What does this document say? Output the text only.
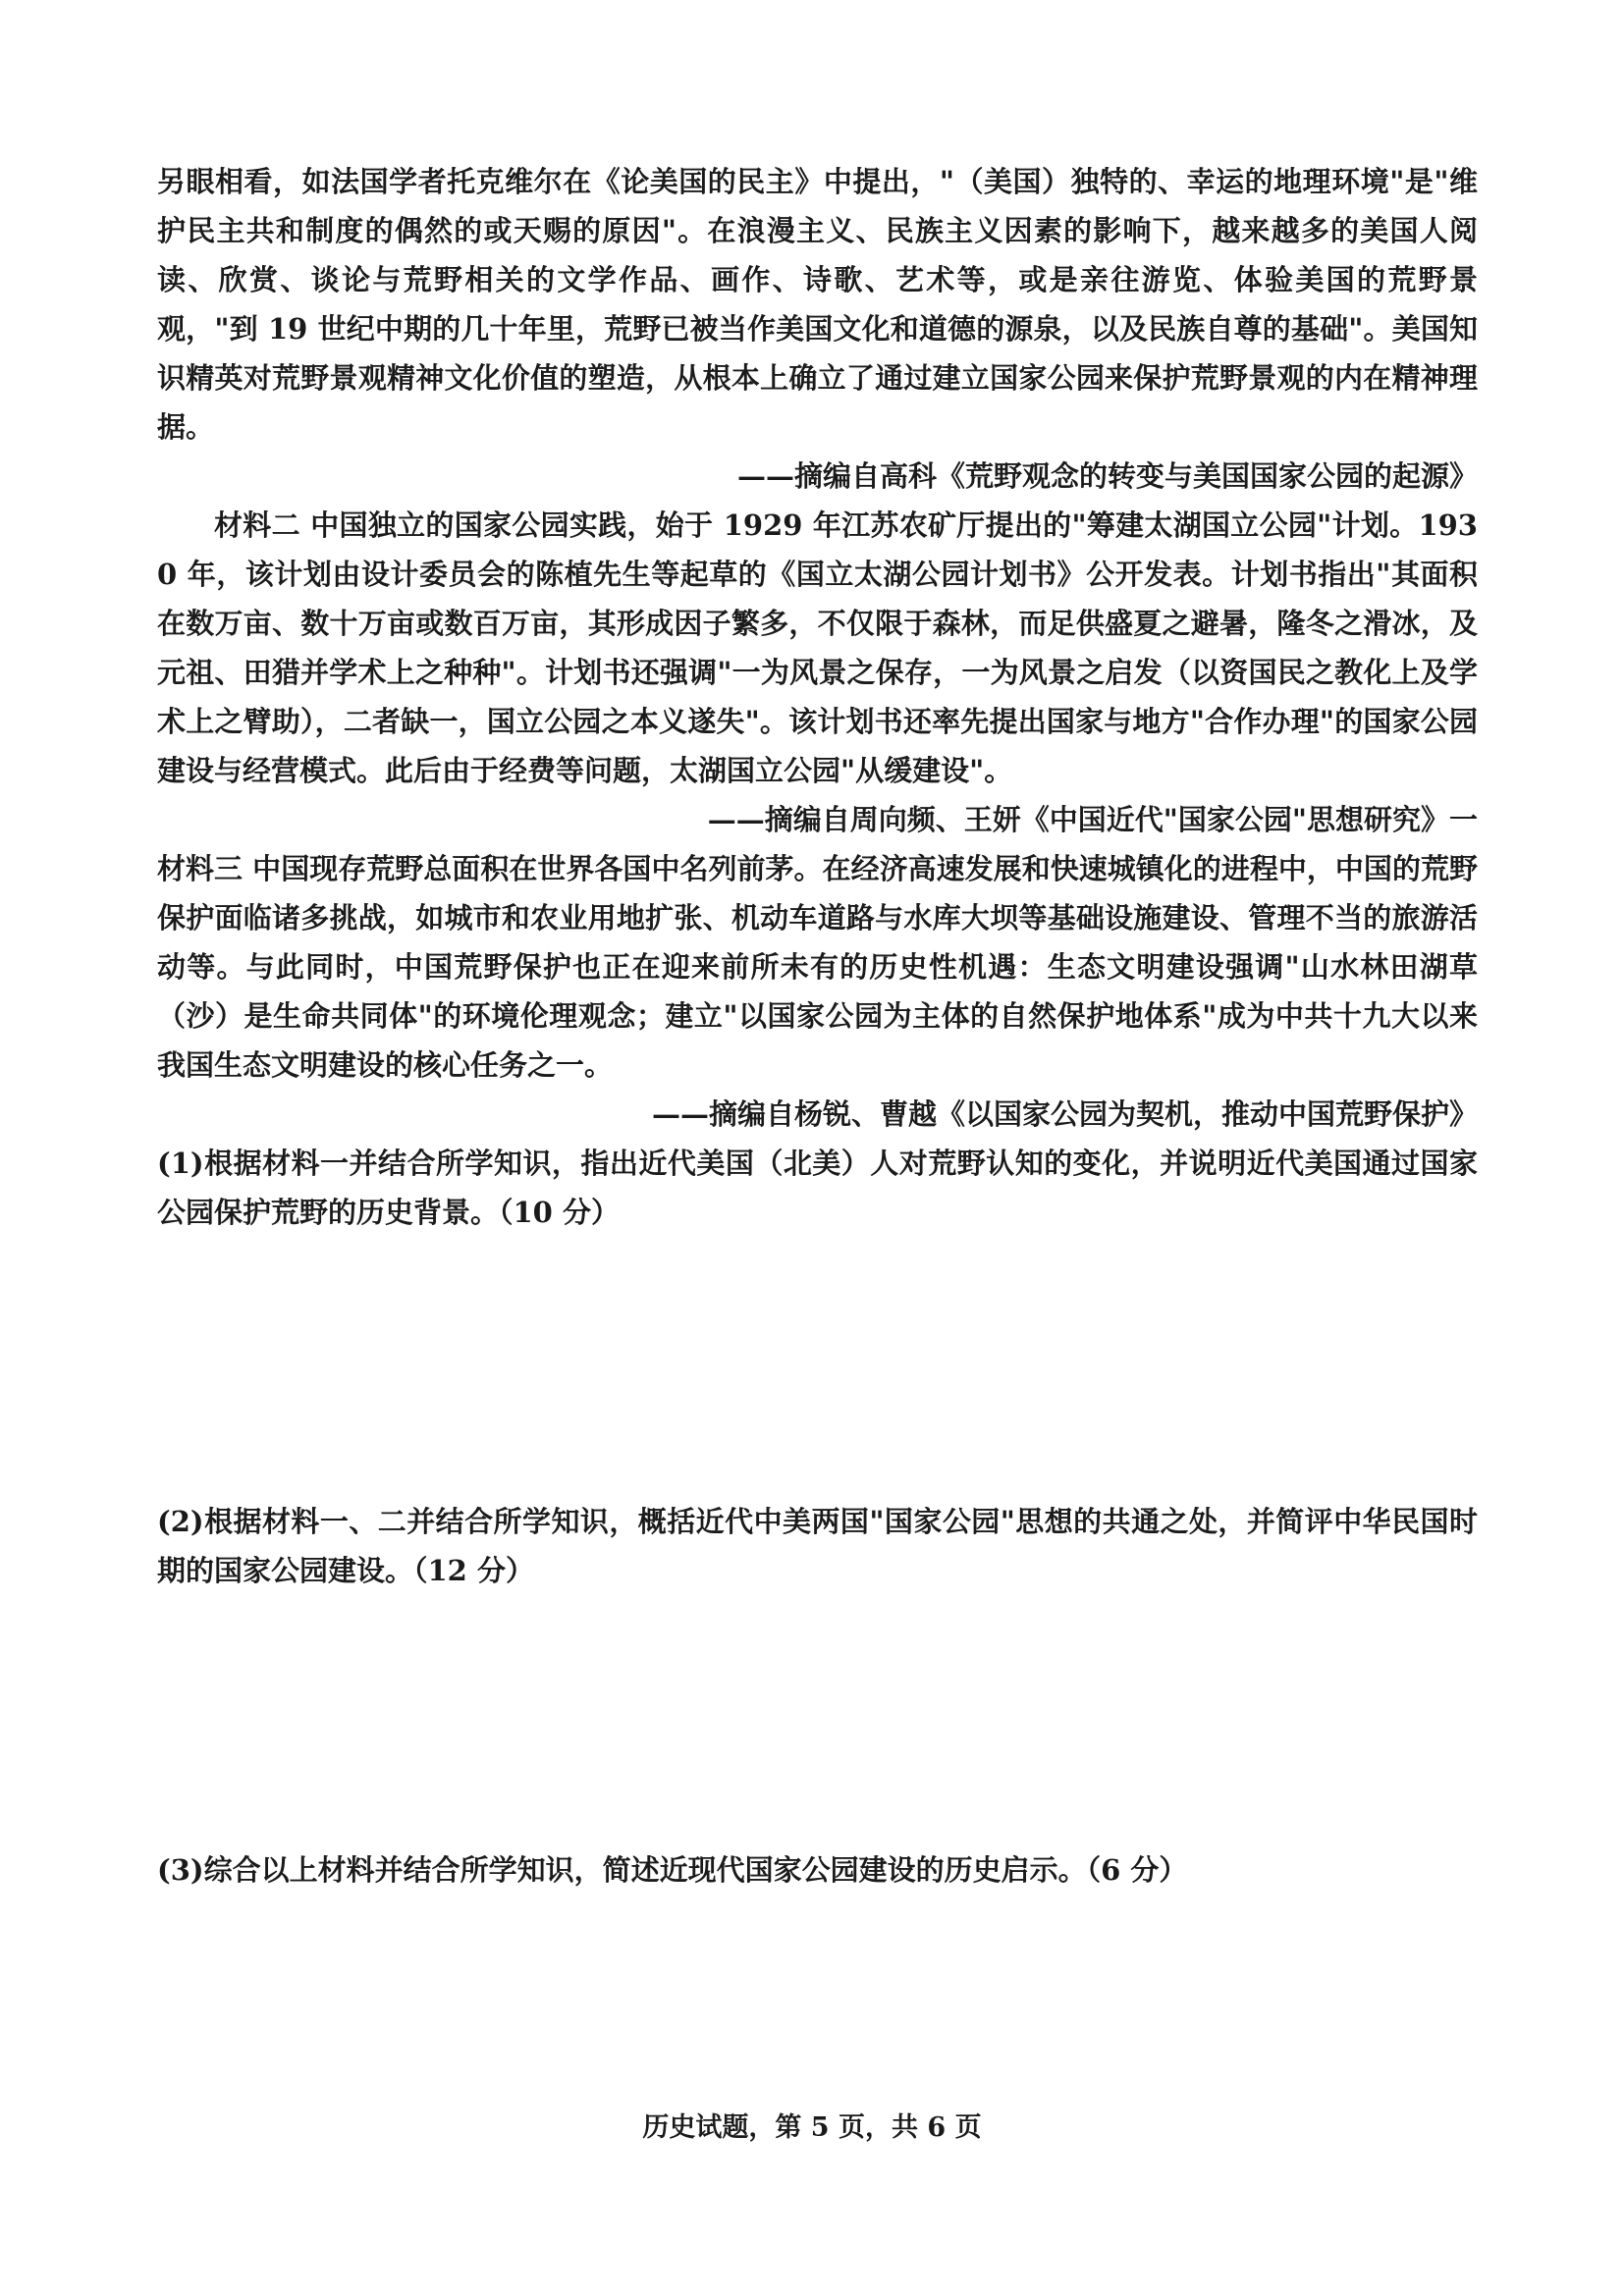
另眼相看，如法国学者托克维尔在《论美国的民主》中提出，"（美国）独特的、幸运的地理环境"是"维护民主共和制度的偶然的或天赐的原因"。在浪漫主义、民族主义因素的影响下，越来越多的美国人阅读、欣赏、谈论与荒野相关的文学作品、画作、诗歌、艺术等，或是亲往游览、体验美国的荒野景观，"到 19 世纪中期的几十年里，荒野已被当作美国文化和道德的源泉，以及民族自尊的基础"。美国知识精英对荒野景观精神文化价值的塑造，从根本上确立了通过建立国家公园来保护荒野景观的内在精神理据。

——摘编自高科《荒野观念的转变与美国国家公园的起源》

材料二 中国独立的国家公园实践，始于 1929 年江苏农矿厅提出的"筹建太湖国立公园"计划。1930 年，该计划由设计委员会的陈植先生等起草的《国立太湖公园计划书》公开发表。计划书指出"其面积在数万亩、数十万亩或数百万亩，其形成因子繁多，不仅限于森林，而足供盛夏之避暑，隆冬之滑冰，及元祖、田猎并学术上之种种"。计划书还强调"一为风景之保存，一为风景之启发（以资国民之教化上及学术上之臂助），二者缺一，国立公园之本义遂失"。该计划书还率先提出国家与地方"合作办理"的国家公园建设与经营模式。此后由于经费等问题，太湖国立公园"从缓建设"。

——摘编自周向频、王妍《中国近代"国家公园"思想研究》一

材料三 中国现存荒野总面积在世界各国中名列前茅。在经济高速发展和快速城镇化的进程中，中国的荒野保护面临诸多挑战，如城市和农业用地扩张、机动车道路与水库大坝等基础设施建设、管理不当的旅游活动等。与此同时，中国荒野保护也正在迎来前所未有的历史性机遇：生态文明建设强调"山水林田湖草（沙）是生命共同体"的环境伦理观念；建立"以国家公园为主体的自然保护地体系"成为中共十九大以来我国生态文明建设的核心任务之一。

——摘编自杨锐、曹越《以国家公园为契机，推动中国荒野保护》

(1)根据材料一并结合所学知识，指出近代美国（北美）人对荒野认知的变化，并说明近代美国通过国家公园保护荒野的历史背景。（10 分）

(2)根据材料一、二并结合所学知识，概括近代中美两国"国家公园"思想的共通之处，并简评中华民国时期的国家公园建设。（12 分）

(3)综合以上材料并结合所学知识，简述近现代国家公园建设的历史启示。（6 分）

历史试题，第 5 页，共 6 页
